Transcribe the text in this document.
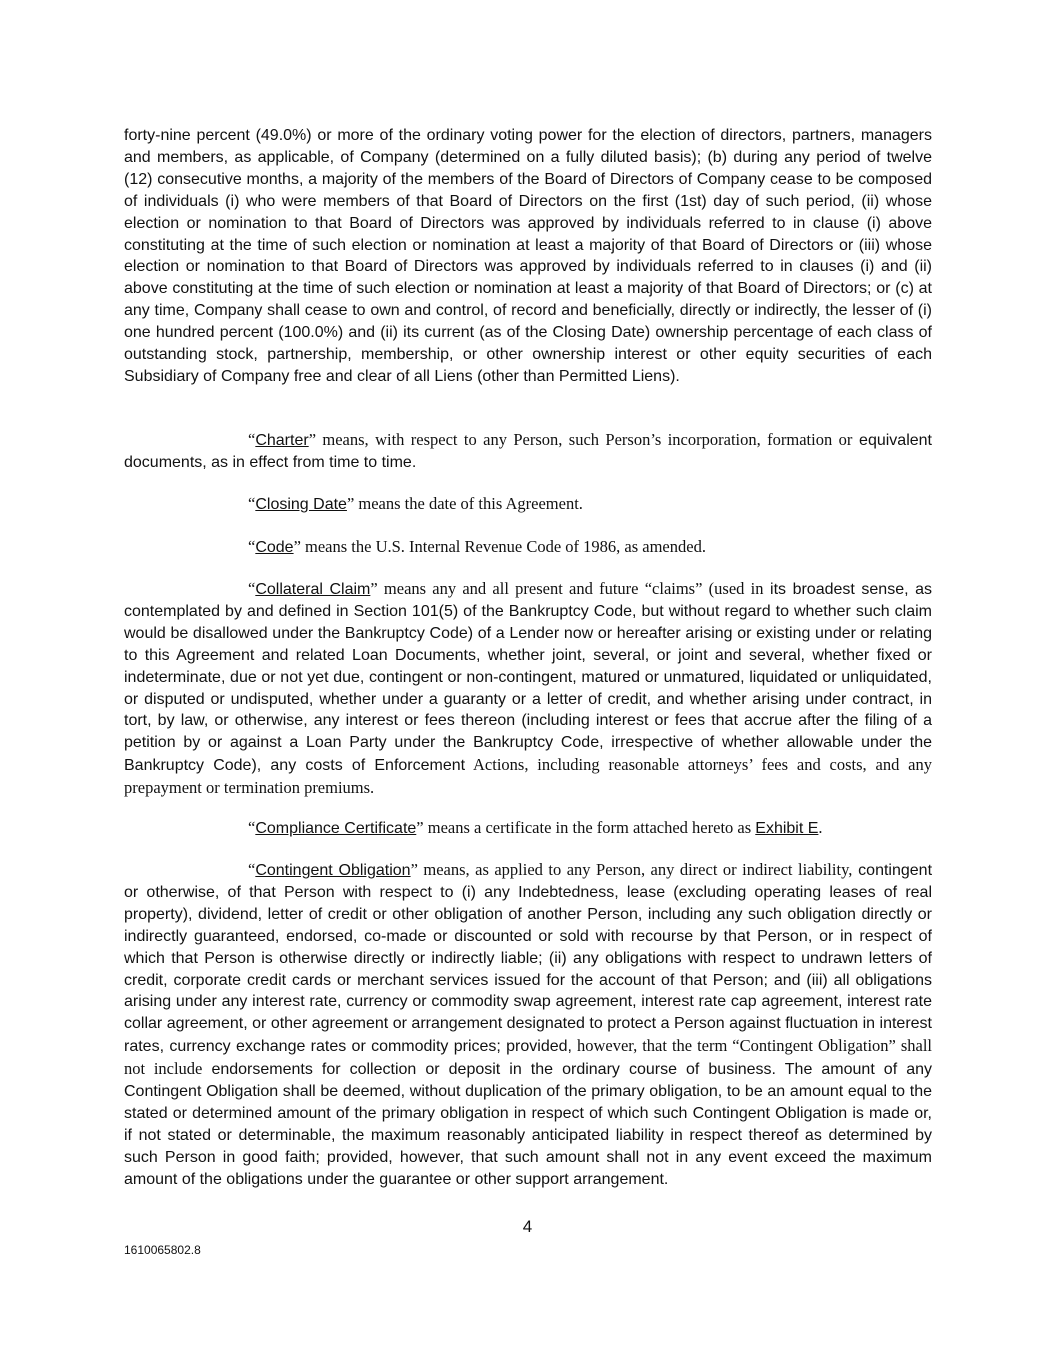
forty-nine percent (49.0%) or more of the ordinary voting power for the election of directors, partners, managers and members, as applicable, of Company (determined on a fully diluted basis); (b) during any period of twelve (12) consecutive months, a majority of the members of the Board of Directors of Company cease to be composed of individuals (i) who were members of that Board of Directors on the first (1st) day of such period, (ii) whose election or nomination to that Board of Directors was approved by individuals referred to in clause (i) above constituting at the time of such election or nomination at least a majority of that Board of Directors or (iii) whose election or nomination to that Board of Directors was approved by individuals referred to in clauses (i) and (ii) above constituting at the time of such election or nomination at least a majority of that Board of Directors; or (c) at any time, Company shall cease to own and control, of record and beneficially, directly or indirectly, the lesser of (i) one hundred percent (100.0%) and (ii) its current (as of the Closing Date) ownership percentage of each class of outstanding stock, partnership, membership, or other ownership interest or other equity securities of each Subsidiary of Company free and clear of all Liens (other than Permitted Liens).

“Charter” means, with respect to any Person, such Person’s incorporation, formation or equivalent documents, as in effect from time to time.

“Closing Date” means the date of this Agreement.

“Code” means the U.S. Internal Revenue Code of 1986, as amended.

“Collateral Claim” means any and all present and future “claims” (used in its broadest sense, as contemplated by and defined in Section 101(5) of the Bankruptcy Code, but without regard to whether such claim would be disallowed under the Bankruptcy Code) of a Lender now or hereafter arising or existing under or relating to this Agreement and related Loan Documents, whether joint, several, or joint and several, whether fixed or indeterminate, due or not yet due, contingent or non-contingent, matured or unmatured, liquidated or unliquidated, or disputed or undisputed, whether under a guaranty or a letter of credit, and whether arising under contract, in tort, by law, or otherwise, any interest or fees thereon (including interest or fees that accrue after the filing of a petition by or against a Loan Party under the Bankruptcy Code, irrespective of whether allowable under the Bankruptcy Code), any costs of Enforcement Actions, including reasonable attorneys’ fees and costs, and any prepayment or termination premiums.

“Compliance Certificate” means a certificate in the form attached hereto as Exhibit E.

“Contingent Obligation” means, as applied to any Person, any direct or indirect liability, contingent or otherwise, of that Person with respect to (i) any Indebtedness, lease (excluding operating leases of real property), dividend, letter of credit or other obligation of another Person, including any such obligation directly or indirectly guaranteed, endorsed, co-made or discounted or sold with recourse by that Person, or in respect of which that Person is otherwise directly or indirectly liable; (ii) any obligations with respect to undrawn letters of credit, corporate credit cards or merchant services issued for the account of that Person; and (iii) all obligations arising under any interest rate, currency or commodity swap agreement, interest rate cap agreement, interest rate collar agreement, or other agreement or arrangement designated to protect a Person against fluctuation in interest rates, currency exchange rates or commodity prices; provided, however, that the term “Contingent Obligation” shall not include endorsements for collection or deposit in the ordinary course of business. The amount of any Contingent Obligation shall be deemed, without duplication of the primary obligation, to be an amount equal to the stated or determined amount of the primary obligation in respect of which such Contingent Obligation is made or, if not stated or determinable, the maximum reasonably anticipated liability in respect thereof as determined by such Person in good faith; provided, however, that such amount shall not in any event exceed the maximum amount of the obligations under the guarantee or other support arrangement.

4

1610065802.8
